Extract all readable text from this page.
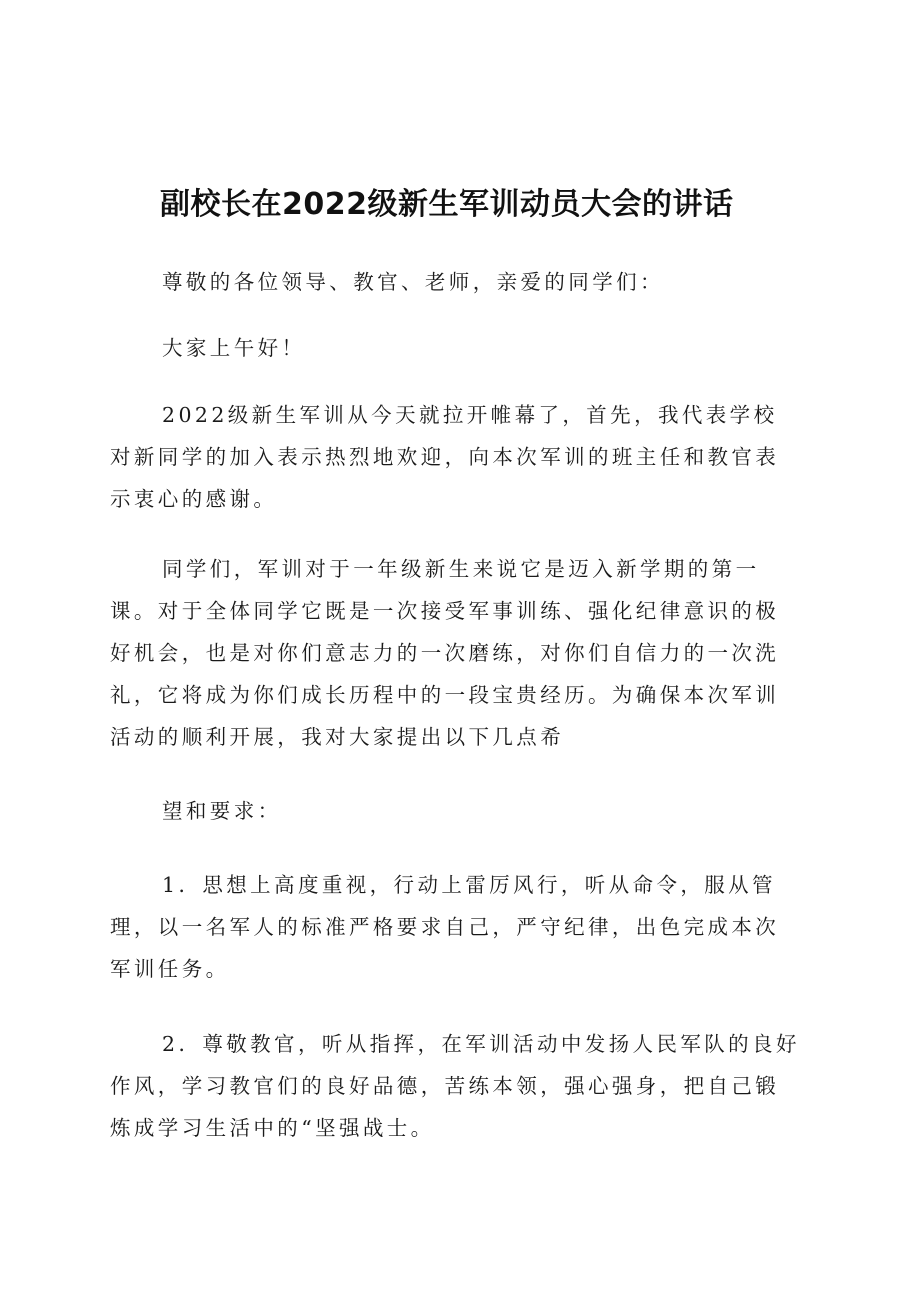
副校长在2022级新生军训动员大会的讲话

尊敬的各位领导、教官、老师，亲爱的同学们：

大家上午好！

2022级新生军训从今天就拉开帷幕了，首先，我代表学校对新同学的加入表示热烈地欢迎，向本次军训的班主任和教官表示衷心的感谢。

同学们，军训对于一年级新生来说它是迈入新学期的第一课。对于全体同学它既是一次接受军事训练、强化纪律意识的极好机会，也是对你们意志力的一次磨练，对你们自信力的一次洗礼，它将成为你们成长历程中的一段宝贵经历。为确保本次军训活动的顺利开展，我对大家提出以下几点希

望和要求：

1．思想上高度重视，行动上雷厉风行，听从命令，服从管理，以一名军人的标准严格要求自己，严守纪律，出色完成本次军训任务。

2．尊敬教官，听从指挥，在军训活动中发扬人民军队的良好作风，学习教官们的良好品德，苦练本领，强心强身，把自己锻炼成学习生活中的“坚强战士。
